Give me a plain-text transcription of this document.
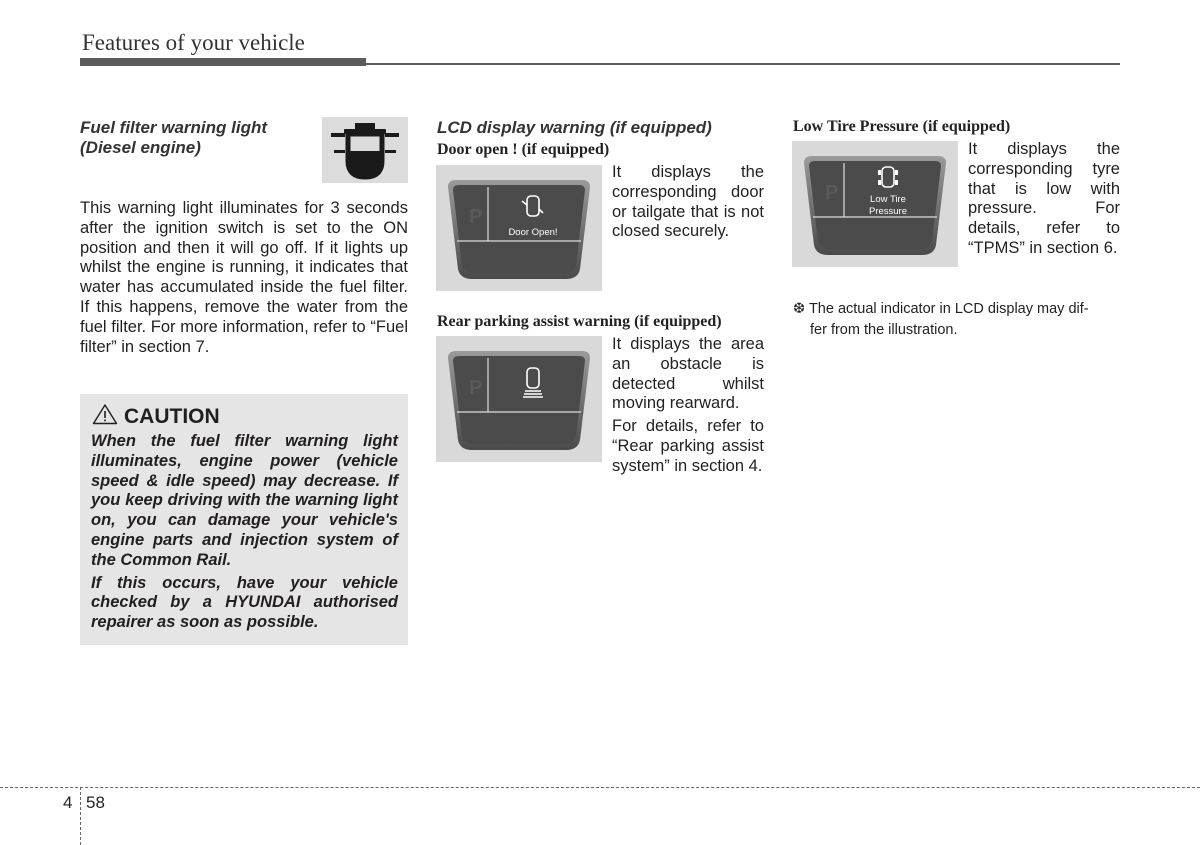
Features of your vehicle
Fuel filter warning light
(Diesel engine)
This warning light illuminates for 3 seconds after the ignition switch is set to the ON position and then it will go off. If it lights up whilst the engine is running, it indicates that water has accumulated inside the fuel filter. If this happens, remove the water from the fuel filter. For more information, refer to “Fuel filter” in section 7.
CAUTION

When the fuel filter warning light illuminates, engine power (vehicle speed & idle speed) may decrease. If you keep driving with the warning light on, you can damage your vehicle's engine parts and injection system of the Common Rail.

If this occurs, have your vehicle checked by a HYUNDAI authorised repairer as soon as possible.

LCD display warning (if equipped)
Door open ! (if equipped)
P
Door Open!
It displays the corresponding door or tailgate that is not closed securely.
Rear parking assist warning (if equipped)
P

It displays the area an obstacle is detected whilst moving rearward.

For details, refer to “Rear parking assist system” in section 4.

Low Tire Pressure (if equipped)
P	Low Tire
Pressure
It displays the corresponding tyre that is low with pressure. For details, refer to “TPMS” in section 6.
❆ The actual indicator in LCD display may dif-
fer from the illustration.
4 58
